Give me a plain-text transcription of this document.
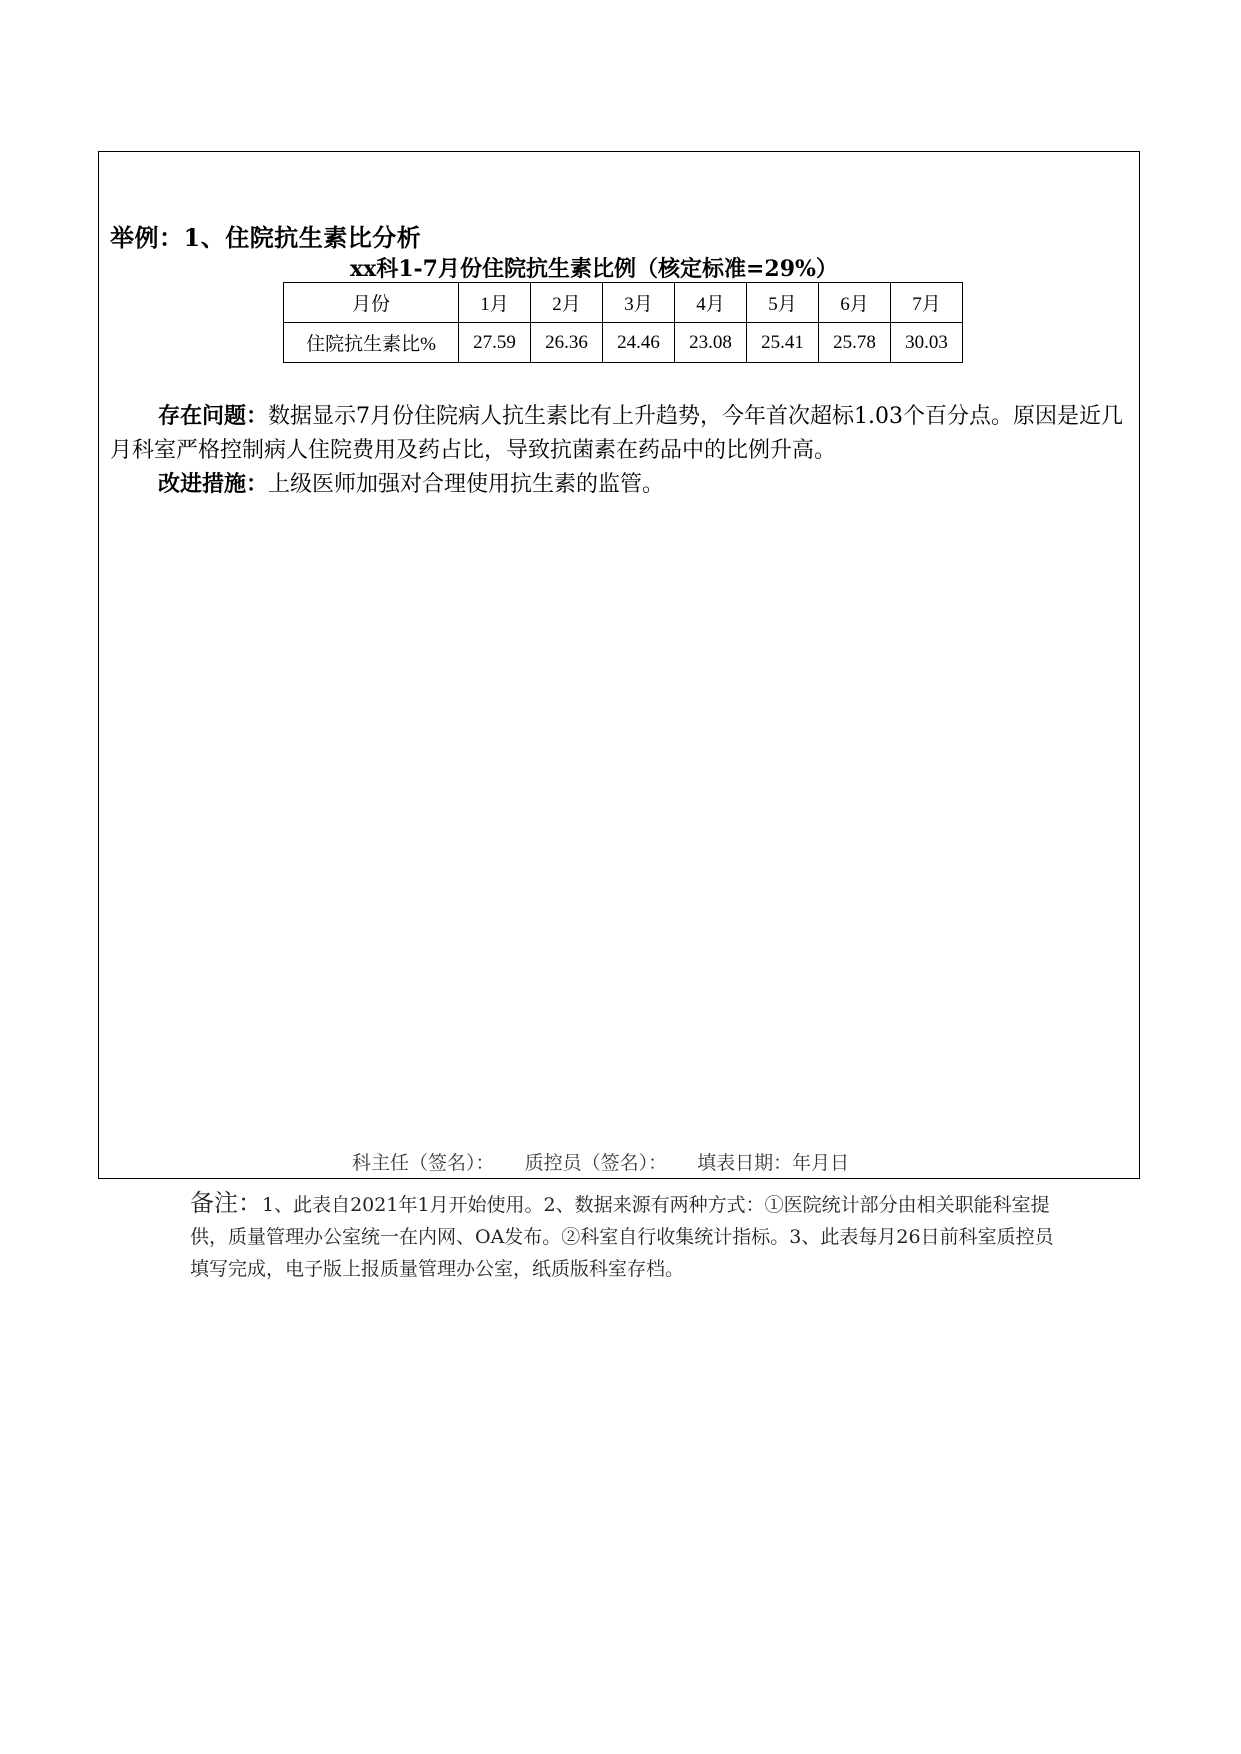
举例：1、住院抗生素比分析
xx科1-7月份住院抗生素比例（核定标准=29%）
月份	1月	2月	3月	4月	5月	6月	7月
住院抗生素比%	27.59	26.36	24.46	23.08	25.41	25.78	30.03
存在问题：数据显示7月份住院病人抗生素比有上升趋势，今年首次超标1.03个百分点。原因是近几月科室严格控制病人住院费用及药占比，导致抗菌素在药品中的比例升高。
改进措施：上级医师加强对合理使用抗生素的监管。
科主任（签名）： 质控员（签名）： 填表日期：年月日
备注：1、此表自2021年1月开始使用。2、数据来源有两种方式：①医院统计部分由相关职能科室提供，质量管理办公室统一在内网、OA发布。②科室自行收集统计指标。3、此表每月26日前科室质控员填写完成，电子版上报质量管理办公室，纸质版科室存档。
